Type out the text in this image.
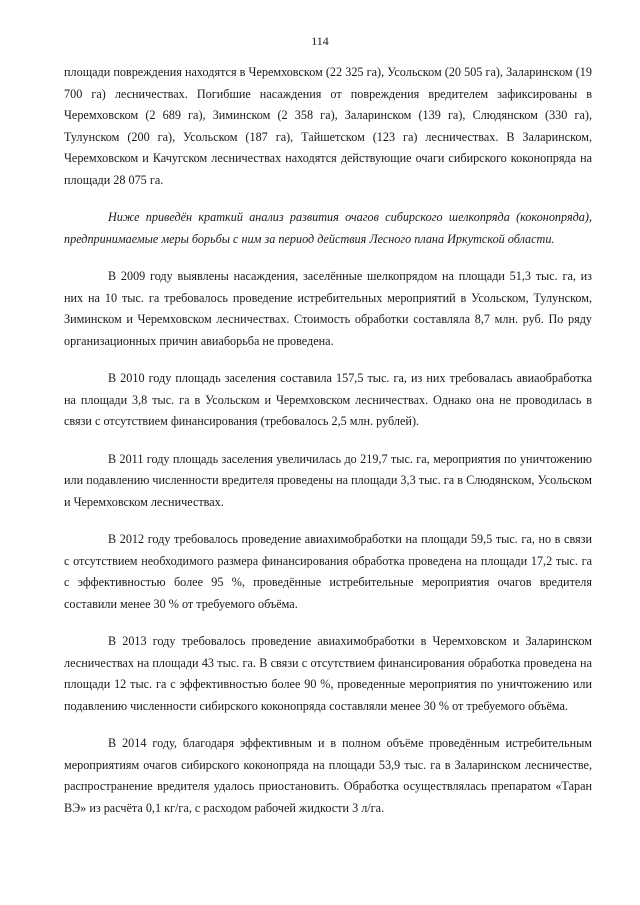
114

площади повреждения находятся в Черемховском (22 325 га), Усольском (20 505 га), Заларинском (19 700 га) лесничествах. Погибшие насаждения от повреждения вредителем зафиксированы в Черемховском (2 689 га), Зиминском (2 358 га), Заларинском (139 га), Слюдянском (330 га), Тулунском (200 га), Усольском (187 га), Тайшетском (123 га) лесничествах. В Заларинском, Черемховском и Качугском лесничествах находятся действующие очаги сибирского коконопряда на площади 28 075 га.

Ниже приведён краткий анализ развития очагов сибирского шелкопряда (коконопряда), предпринимаемые меры борьбы с ним за период действия Лесного плана Иркутской области.

В 2009 году выявлены насаждения, заселённые шелкопрядом на площади 51,3 тыс. га, из них на 10 тыс. га требовалось проведение истребительных мероприятий в Усольском, Тулунском, Зиминском и Черемховском лесничествах. Стоимость обработки составляла 8,7 млн. руб. По ряду организационных причин авиаборьба не проведена.

В 2010 году площадь заселения составила 157,5 тыс. га, из них требовалась авиаобработка на площади 3,8 тыс. га в Усольском и Черемховском лесничествах. Однако она не проводилась в связи с отсутствием финансирования (требовалось 2,5 млн. рублей).

В 2011 году площадь заселения увеличилась до 219,7 тыс. га, мероприятия по уничтожению или подавлению численности вредителя проведены на площади 3,3 тыс. га в Слюдянском, Усольском и Черемховском лесничествах.

В 2012 году требовалось проведение авиахимобработки на площади 59,5 тыс. га, но в связи с отсутствием необходимого размера финансирования обработка проведена на площади 17,2 тыс. га с эффективностью более 95 %, проведённые истребительные мероприятия очагов вредителя составили менее 30 % от требуемого объёма.

В 2013 году требовалось проведение авиахимобработки в Черемховском и Заларинском лесничествах на площади 43 тыс. га. В связи с отсутствием финансирования обработка проведена на площади 12 тыс. га с эффективностью более 90 %, проведенные мероприятия по уничтожению или подавлению численности сибирского коконопряда составляли менее 30 % от требуемого объёма.

В 2014 году, благодаря эффективным и в полном объёме проведённым истребительным мероприятиям очагов сибирского коконопряда на площади 53,9 тыс. га в Заларинском лесничестве, распространение вредителя удалось приостановить. Обработка осуществлялась препаратом «Таран ВЭ» из расчёта 0,1 кг/га, с расходом рабочей жидкости 3 л/га.
